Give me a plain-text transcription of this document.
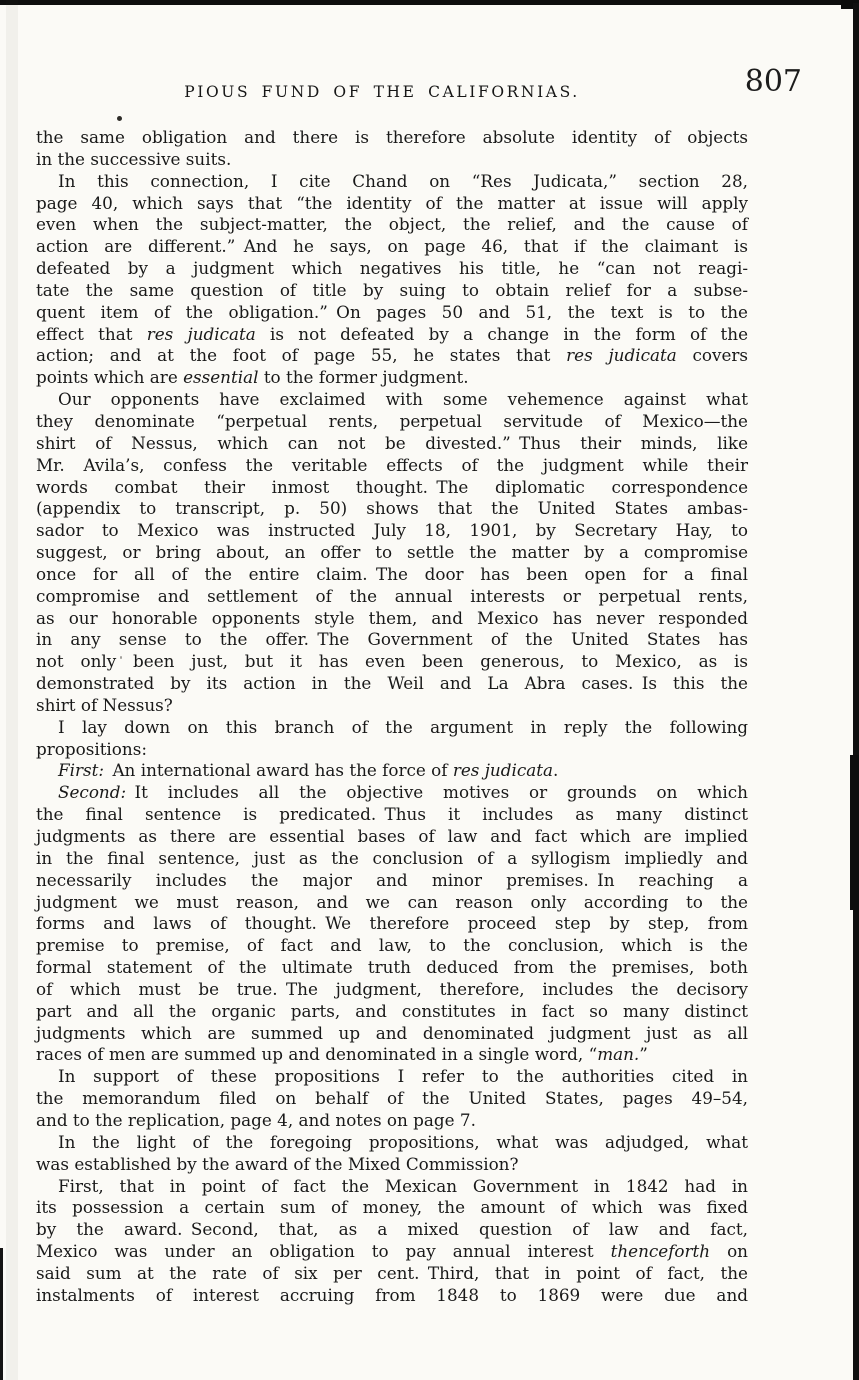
PIOUS FUND OF THE CALIFORNIAS.	807
the same obligation and there is therefore absolute identity of objects
in the successive suits.
In this connection, I cite Chand on “Res Judicata,” section 28,
page 40, which says that “the identity of the matter at issue will apply
even when the subject-matter, the object, the relief, and the cause of
action are different.” And he says, on page 46, that if the claimant is
defeated by a judgment which negatives his title, he “can not reagi-
tate the same question of title by suing to obtain relief for a subse-
quent item of the obligation.” On pages 50 and 51, the text is to the
effect that res judicata is not defeated by a change in the form of the
action; and at the foot of page 55, he states that res judicata covers
points which are essential to the former judgment.
Our opponents have exclaimed with some vehemence against what
they denominate “perpetual rents, perpetual servitude of Mexico—the
shirt of Nessus, which can not be divested.” Thus their minds, like
Mr. Avila’s, confess the veritable effects of the judgment while their
words combat their inmost thought. The diplomatic correspondence
(appendix to transcript, p. 50) shows that the United States ambas-
sador to Mexico was instructed July 18, 1901, by Secretary Hay, to
suggest, or bring about, an offer to settle the matter by a compromise
once for all of the entire claim. The door has been open for a final
compromise and settlement of the annual interests or perpetual rents,
as our honorable opponents style them, and Mexico has never responded
in any sense to the offer. The Government of the United States has
not only been just, but it has even been generous, to Mexico, as is
demonstrated by its action in the Weil and La Abra cases. Is this the
shirt of Nessus?
I lay down on this branch of the argument in reply the following
propositions:
First: An international award has the force of res judicata.
Second: It includes all the objective motives or grounds on which
the final sentence is predicated. Thus it includes as many distinct
judgments as there are essential bases of law and fact which are implied
in the final sentence, just as the conclusion of a syllogism impliedly and
necessarily includes the major and minor premises. In reaching a
judgment we must reason, and we can reason only according to the
forms and laws of thought. We therefore proceed step by step, from
premise to premise, of fact and law, to the conclusion, which is the
formal statement of the ultimate truth deduced from the premises, both
of which must be true. The judgment, therefore, includes the decisory
part and all the organic parts, and constitutes in fact so many distinct
judgments which are summed up and denominated judgment just as all
races of men are summed up and denominated in a single word, “man.”
In support of these propositions I refer to the authorities cited in
the memorandum filed on behalf of the United States, pages 49–54,
and to the replication, page 4, and notes on page 7.
In the light of the foregoing propositions, what was adjudged, what
was established by the award of the Mixed Commission?
First, that in point of fact the Mexican Government in 1842 had in
its possession a certain sum of money, the amount of which was fixed
by the award. Second, that, as a mixed question of law and fact,
Mexico was under an obligation to pay annual interest thenceforth on
said sum at the rate of six per cent. Third, that in point of fact, the
instalments of interest accruing from 1848 to 1869 were due and
